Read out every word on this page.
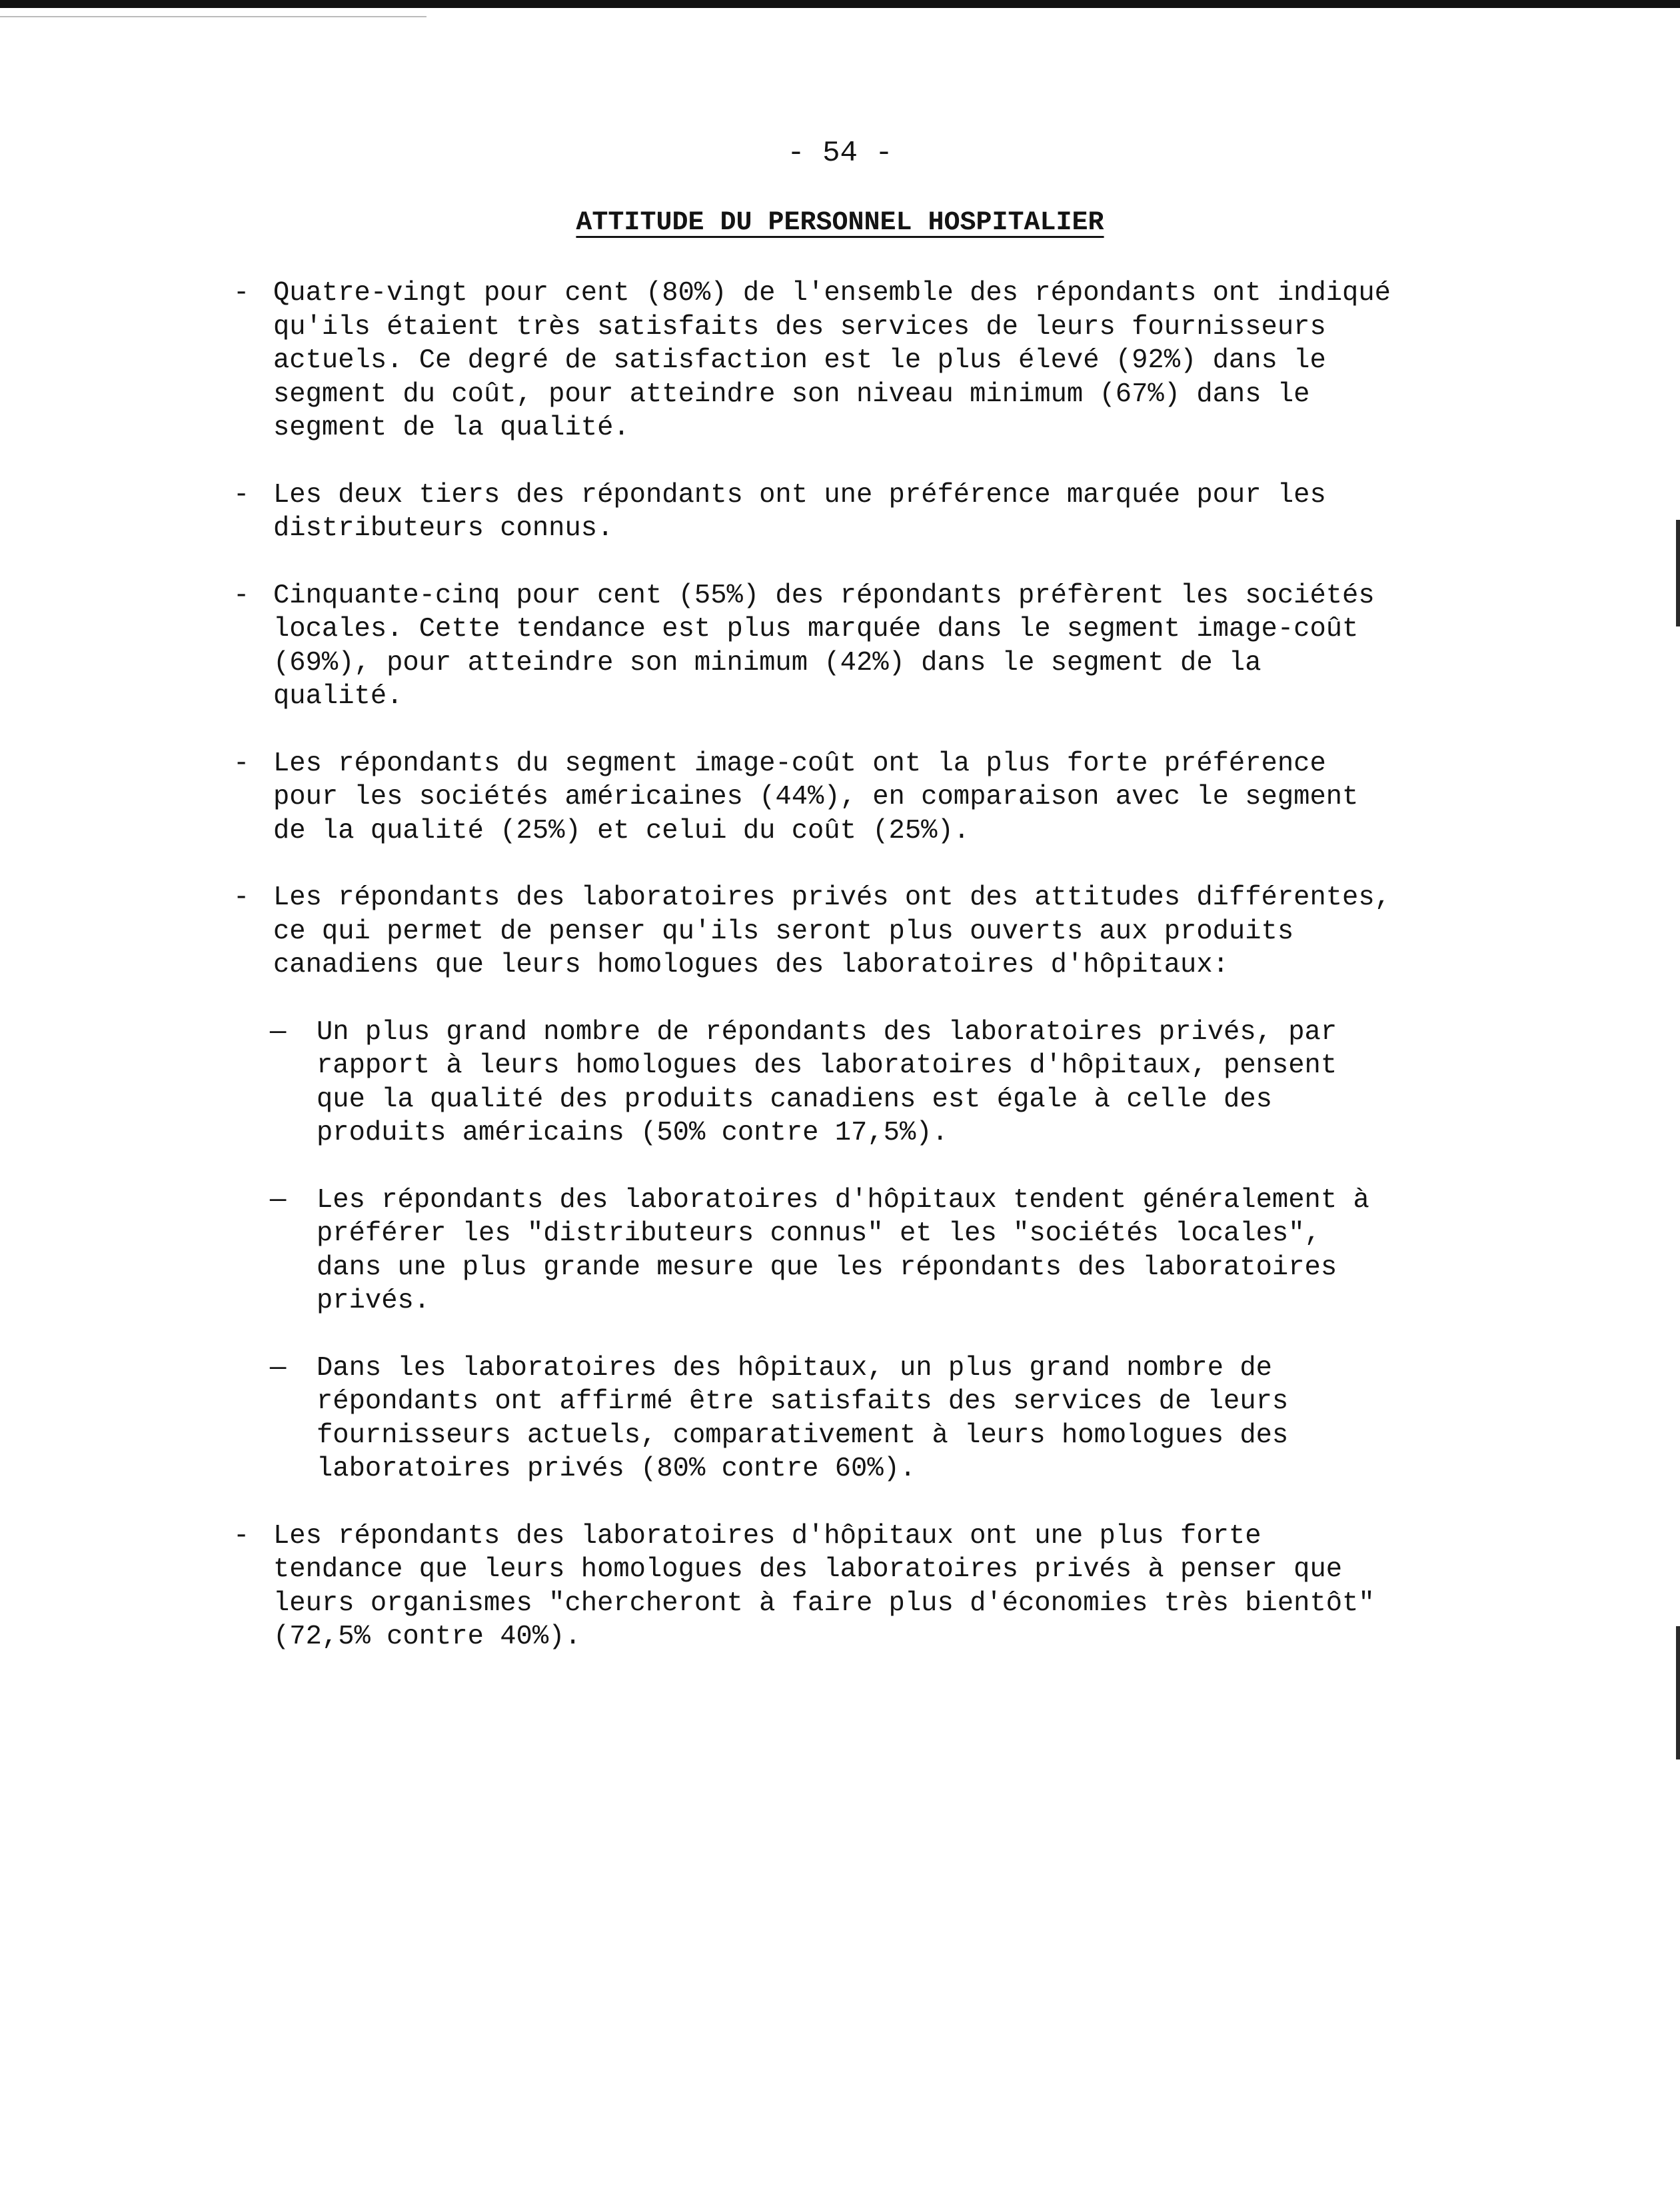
- 54 -
ATTITUDE DU PERSONNEL HOSPITALIER
- Quatre-vingt pour cent (80%) de l'ensemble des répondants ont indiqué
qu'ils étaient très satisfaits des services de leurs fournisseurs
actuels. Ce degré de satisfaction est le plus élevé (92%) dans le
segment du coût, pour atteindre son niveau minimum (67%) dans le
segment de la qualité.
- Les deux tiers des répondants ont une préférence marquée pour les
distributeurs connus.
- Cinquante-cinq pour cent (55%) des répondants préfèrent les sociétés
locales. Cette tendance est plus marquée dans le segment image-coût
(69%), pour atteindre son minimum (42%) dans le segment de la
qualité.
- Les répondants du segment image-coût ont la plus forte préférence
pour les sociétés américaines (44%), en comparaison avec le segment
de la qualité (25%) et celui du coût (25%).
- Les répondants des laboratoires privés ont des attitudes différentes,
ce qui permet de penser qu'ils seront plus ouverts aux produits
canadiens que leurs homologues des laboratoires d'hôpitaux:
—	Un plus grand nombre de répondants des laboratoires privés, par
rapport à leurs homologues des laboratoires d'hôpitaux, pensent
que la qualité des produits canadiens est égale à celle des
produits américains (50% contre 17,5%).
—	Les répondants des laboratoires d'hôpitaux tendent généralement à
préférer les "distributeurs connus" et les "sociétés locales",
dans une plus grande mesure que les répondants des laboratoires
privés.
—	Dans les laboratoires des hôpitaux, un plus grand nombre de
répondants ont affirmé être satisfaits des services de leurs
fournisseurs actuels, comparativement à leurs homologues des
laboratoires privés (80% contre 60%).
- Les répondants des laboratoires d'hôpitaux ont une plus forte
tendance que leurs homologues des laboratoires privés à penser que
leurs organismes "chercheront à faire plus d'économies très bientôt"
(72,5% contre 40%).
